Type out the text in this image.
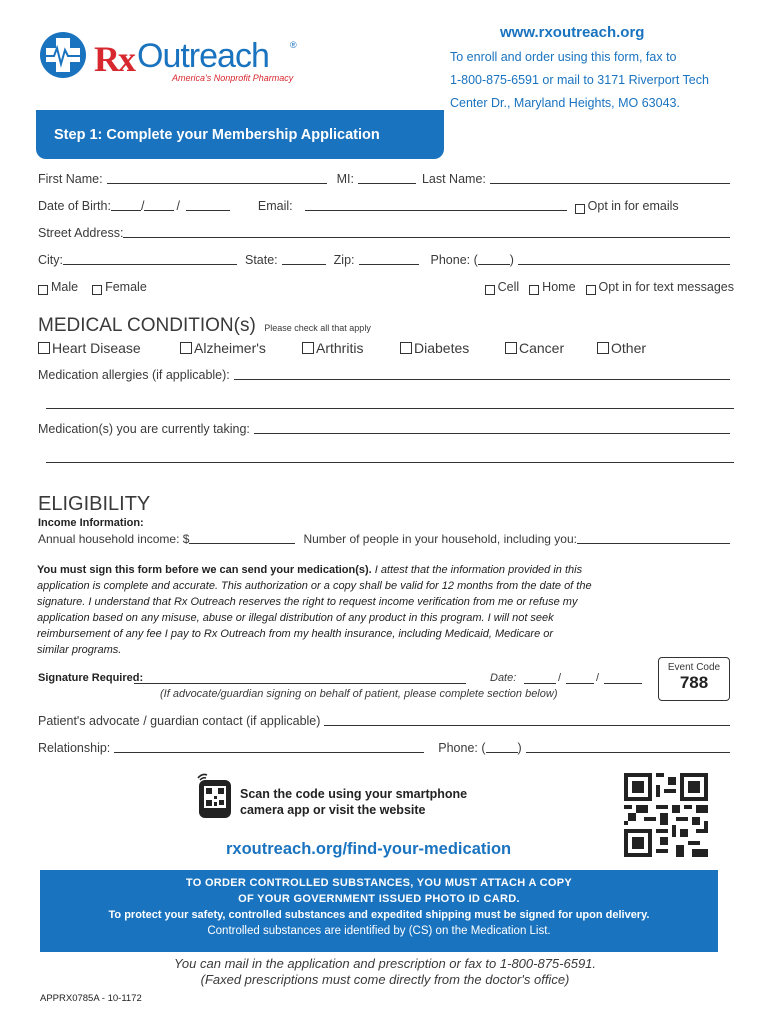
Rx Outreach ®
America's Nonprofit Pharmacy
www.rxoutreach.org
To enroll and order using this form, fax to
1-800-875-6591 or mail to 3171 Riverport Tech
Center Dr., Maryland Heights, MO 63043.
Step 1: Complete your Membership Application
First Name:	MI:	Last Name:
Date of Birth: /	/	Email:	Opt in for emails
Street Address:
City:	State:	Zip:	Phone: (	)
Male Female	Cell Home Opt in for text messages
MEDICAL CONDITION(s) Please check all that apply
Heart Disease	Alzheimer's	Arthritis	Diabetes	Cancer	Other
Medication allergies (if applicable):
Medication(s) you are currently taking:
ELIGIBILITY
Income Information:
Annual household income: $	Number of people in your household, including you:
You must sign this form before we can send your medication(s). I attest that the information provided in this
application is complete and accurate. This authorization or a copy shall be valid for 12 months from the date of the
signature. I understand that Rx Outreach reserves the right to request income verification from me or refuse my
application based on any misuse, abuse or illegal distribution of any product in this program. I will not seek
reimbursement of any fee I pay to Rx Outreach from my health insurance, including Medicaid, Medicare or
similar programs.
Signature Required:	Date:	/	/
(If advocate/guardian signing on behalf of patient, please complete section below)
Event Code
788
Patient's advocate / guardian contact (if applicable)
Relationship:	Phone: (	)
Scan the code using your smartphone
camera app or visit the website
rxoutreach.org/find-your-medication
TO ORDER CONTROLLED SUBSTANCES, YOU MUST ATTACH A COPY
OF YOUR GOVERNMENT ISSUED PHOTO ID CARD.
To protect your safety, controlled substances and expedited shipping must be signed for upon delivery.
Controlled substances are identified by (CS) on the Medication List.
You can mail in the application and prescription or fax to 1-800-875-6591.
(Faxed prescriptions must come directly from the doctor's office)
APPRX0785A - 10-1172
